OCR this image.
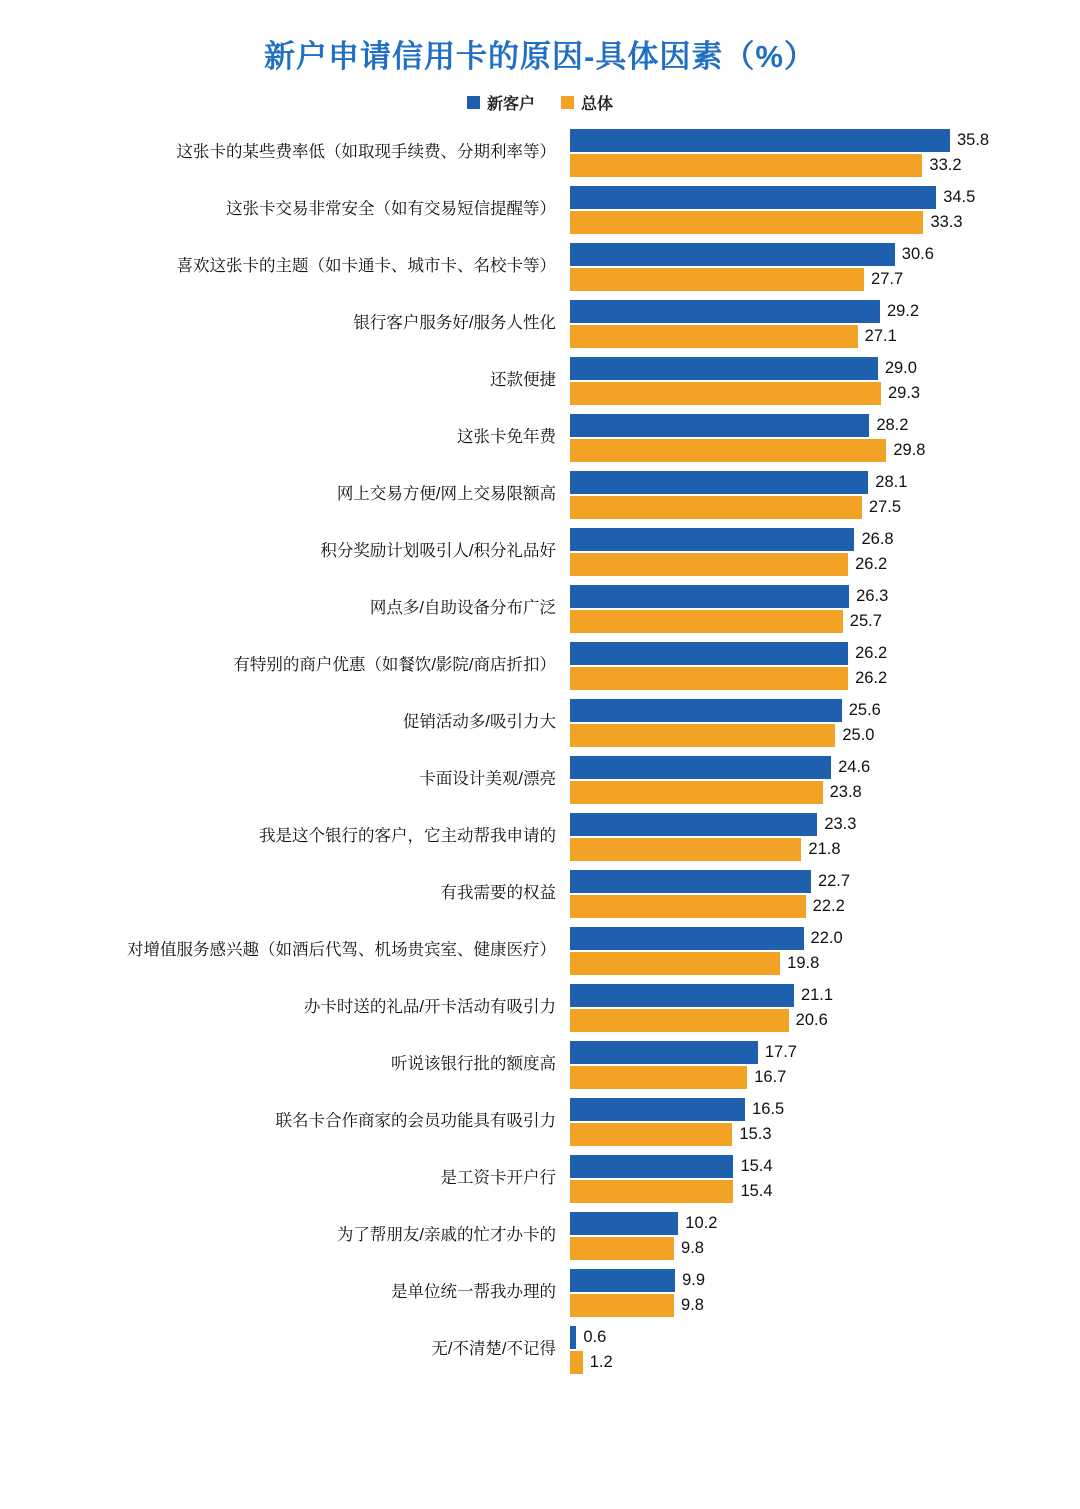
新户申请信用卡的原因-具体因素（%）
新客户	总体
这张卡的某些费率低（如取现手续费、分期利率等）
35.8
33.2
这张卡交易非常安全（如有交易短信提醒等）
34.5
33.3
喜欢这张卡的主题（如卡通卡、城市卡、名校卡等）
30.6
27.7
银行客户服务好/服务人性化
29.2
27.1
还款便捷
29.0
29.3
这张卡免年费
28.2
29.8
网上交易方便/网上交易限额高
28.1
27.5
积分奖励计划吸引人/积分礼品好
26.8
26.2
网点多/自助设备分布广泛
26.3
25.7
有特别的商户优惠（如餐饮/影院/商店折扣）
26.2
26.2
促销活动多/吸引力大
25.6
25.0
卡面设计美观/漂亮
24.6
23.8
我是这个银行的客户，它主动帮我申请的
23.3
21.8
有我需要的权益
22.7
22.2
对增值服务感兴趣（如酒后代驾、机场贵宾室、健康医疗）
22.0
19.8
办卡时送的礼品/开卡活动有吸引力
21.1
20.6
听说该银行批的额度高
17.7
16.7
联名卡合作商家的会员功能具有吸引力
16.5
15.3
是工资卡开户行
15.4
15.4
为了帮朋友/亲戚的忙才办卡的
10.2
9.8
是单位统一帮我办理的
9.9
9.8
无/不清楚/不记得
0.6
1.2
